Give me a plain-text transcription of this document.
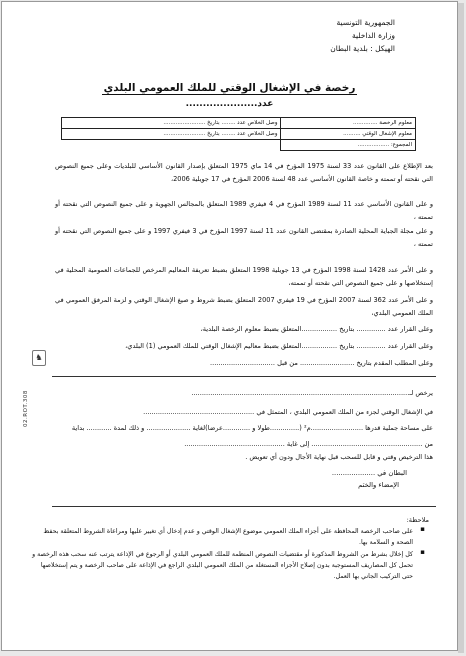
الجمهورية التونسية
وزارة الداخلية
الهيكل : بلدية البطان
رخصة في الإشغال الوقتي للملك العمومي البلدي
عدد.....................
معلوم الرخصة ..............	وصل الخلاص عدد ........ بتاريخ ........................
معلوم الإشغال الوقتي ..........	وصل الخلاص عدد ........ بتاريخ ........................
المجموع: ..................	
♞
02.ROT.308
بعد الإطلاع على القانون عدد 33 لسنة 1975 المؤرخ في 14 ماي 1975 المتعلق بإصدار القانون الأساسي للبلديات وعلى جميع النصوص التي نقحته أو تممته و خاصة القانون الأساسي عدد 48 لسنة 2006 المؤرخ في 17 جويلية 2006،
و على القانون الأساسي عدد 11 لسنة 1989 المؤرخ في 4 فيفري 1989 المتعلق بالمجالس الجهوية و على جميع النصوص التي نقحته أو تممته ،
و على مجلة الجباية المحلية الصادرة بمقتضى القانون عدد 11 لسنة 1997 المؤرخ في 3 فيفري 1997 و على جميع النصوص التي نقحته أو تممته ،
و على الأمر عدد 1428 لسنة 1998 المؤرخ في 13 جويلية 1998 المتعلق بضبط تعريفة المعاليم المرخص للجماعات العمومية المحلية في إستخلاصها و على جميع النصوص التي نقحته أو تممته،
و على الأمر عدد 362 لسنة 2007 المؤرخ في 19 فيفري 2007 المتعلق بضبط شروط و صيغ الإشغال الوقتي و لزمة المرفق العمومي في الملك العمومي البلدي،
وعلى القرار عدد .............. بتاريخ .................المتعلق بضبط معلوم الرخصة البلدية،
وعلى القرار عدد .............. بتاريخ .................المتعلق بضبط معاليم الإشغال الوقتي للملك العمومي (1) البلدي،
وعلى المطلب المقدم بتاريخ .......................... من قبل ...............................
يرخص لـ........................................................................................................
في الإشغال الوقتي لجزء من الملك العمومي البلدي ، المتمثل في .....................................................
على مساحة جملية قدرها .........................م² (..............طولا و .............عرضا)لغاية ..................... و ذلك لمدة ............ بداية
من ..................................................... إلى غاية ................................................
هذا الترخيص وقتي و قابل للسحب قبل نهاية الأجال ودون أي تعويض .
البطان في ....................
الإمضاء والختم
ملاحظة:
▪
على صاحب الرخصة المحافظة على أجزاء الملك العمومي موضوع الإشغال الوقتي و عدم إدخال أي تغيير عليها ومراعاة الشروط المتعلقة بحفظ الصحة و السلامة بها.
▪
كل إخلال بشرط من الشروط المذكورة أو مقتضيات النصوص المنظمة للملك العمومي البلدي أو الرجوع في الإذاعة يترتب عنه سحب هذه الرخصة و تحمل كل المصاريف المستوجبة بدون إصلاح الأجزاء المستغلة من الملك العمومي البلدي الراجع في الإذاعة على صاحب الرخصة و يتم إستخلاصها حتى التركيب الجاني بها العمل.
